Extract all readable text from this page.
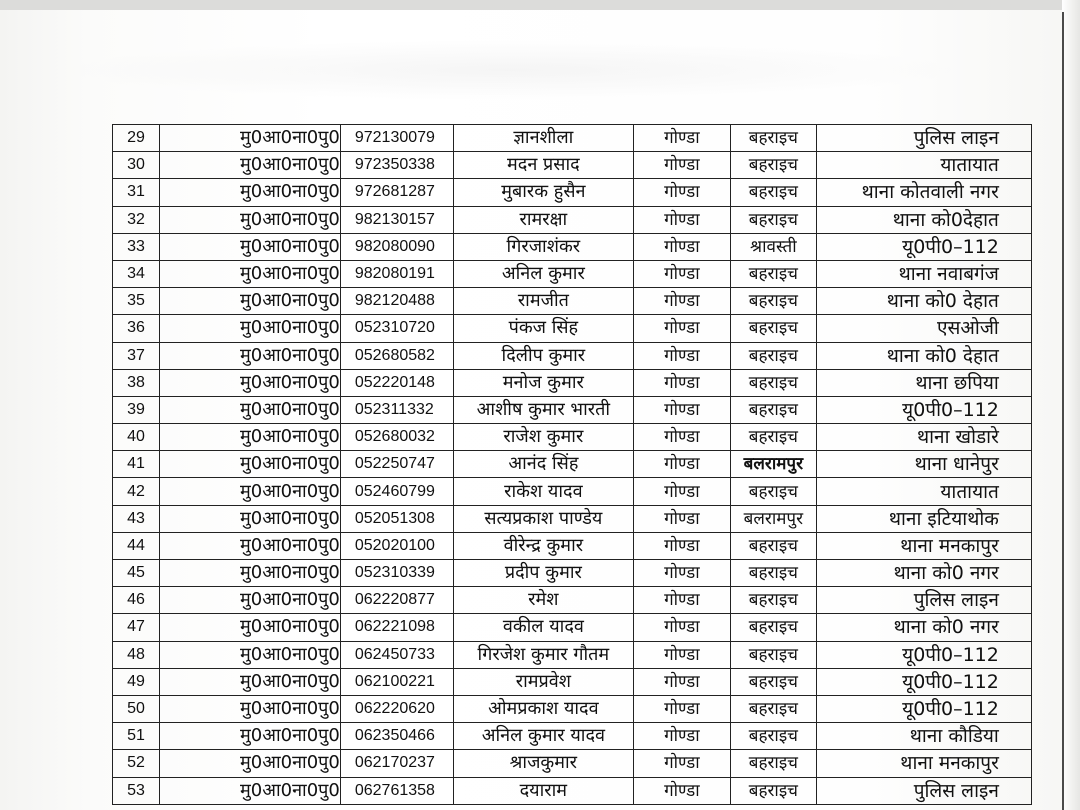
29	मु0आ0ना0पु0	972130079	ज्ञानशीला	गोण्डा	बहराइच	पुलिस लाइन
30	मु0आ0ना0पु0	972350338	मदन प्रसाद	गोण्डा	बहराइच	यातायात
31	मु0आ0ना0पु0	972681287	मुबारक हुसैन	गोण्डा	बहराइच	थाना कोतवाली नगर
32	मु0आ0ना0पु0	982130157	रामरक्षा	गोण्डा	बहराइच	थाना को0देहात
33	मु0आ0ना0पु0	982080090	गिरजाशंकर	गोण्डा	श्रावस्ती	यू0पी0–112
34	मु0आ0ना0पु0	982080191	अनिल कुमार	गोण्डा	बहराइच	थाना नवाबगंज
35	मु0आ0ना0पु0	982120488	रामजीत	गोण्डा	बहराइच	थाना को0 देहात
36	मु0आ0ना0पु0	052310720	पंकज सिंह	गोण्डा	बहराइच	एसओजी
37	मु0आ0ना0पु0	052680582	दिलीप कुमार	गोण्डा	बहराइच	थाना को0 देहात
38	मु0आ0ना0पु0	052220148	मनोज कुमार	गोण्डा	बहराइच	थाना छपिया
39	मु0आ0ना0पु0	052311332	आशीष कुमार भारती	गोण्डा	बहराइच	यू0पी0–112
40	मु0आ0ना0पु0	052680032	राजेश कुमार	गोण्डा	बहराइच	थाना खोडारे
41	मु0आ0ना0पु0	052250747	आनंद सिंह	गोण्डा	बलरामपुर	थाना धानेपुर
42	मु0आ0ना0पु0	052460799	राकेश यादव	गोण्डा	बहराइच	यातायात
43	मु0आ0ना0पु0	052051308	सत्यप्रकाश पाण्डेय	गोण्डा	बलरामपुर	थाना इटियाथोक
44	मु0आ0ना0पु0	052020100	वीरेन्द्र कुमार	गोण्डा	बहराइच	थाना मनकापुर
45	मु0आ0ना0पु0	052310339	प्रदीप कुमार	गोण्डा	बहराइच	थाना को0 नगर
46	मु0आ0ना0पु0	062220877	रमेश	गोण्डा	बहराइच	पुलिस लाइन
47	मु0आ0ना0पु0	062221098	वकील यादव	गोण्डा	बहराइच	थाना को0 नगर
48	मु0आ0ना0पु0	062450733	गिरजेश कुमार गौतम	गोण्डा	बहराइच	यू0पी0–112
49	मु0आ0ना0पु0	062100221	रामप्रवेश	गोण्डा	बहराइच	यू0पी0–112
50	मु0आ0ना0पु0	062220620	ओमप्रकाश यादव	गोण्डा	बहराइच	यू0पी0–112
51	मु0आ0ना0पु0	062350466	अनिल कुमार यादव	गोण्डा	बहराइच	थाना कौडिया
52	मु0आ0ना0पु0	062170237	श्राजकुमार	गोण्डा	बहराइच	थाना मनकापुर
53	मु0आ0ना0पु0	062761358	दयाराम	गोण्डा	बहराइच	पुलिस लाइन
